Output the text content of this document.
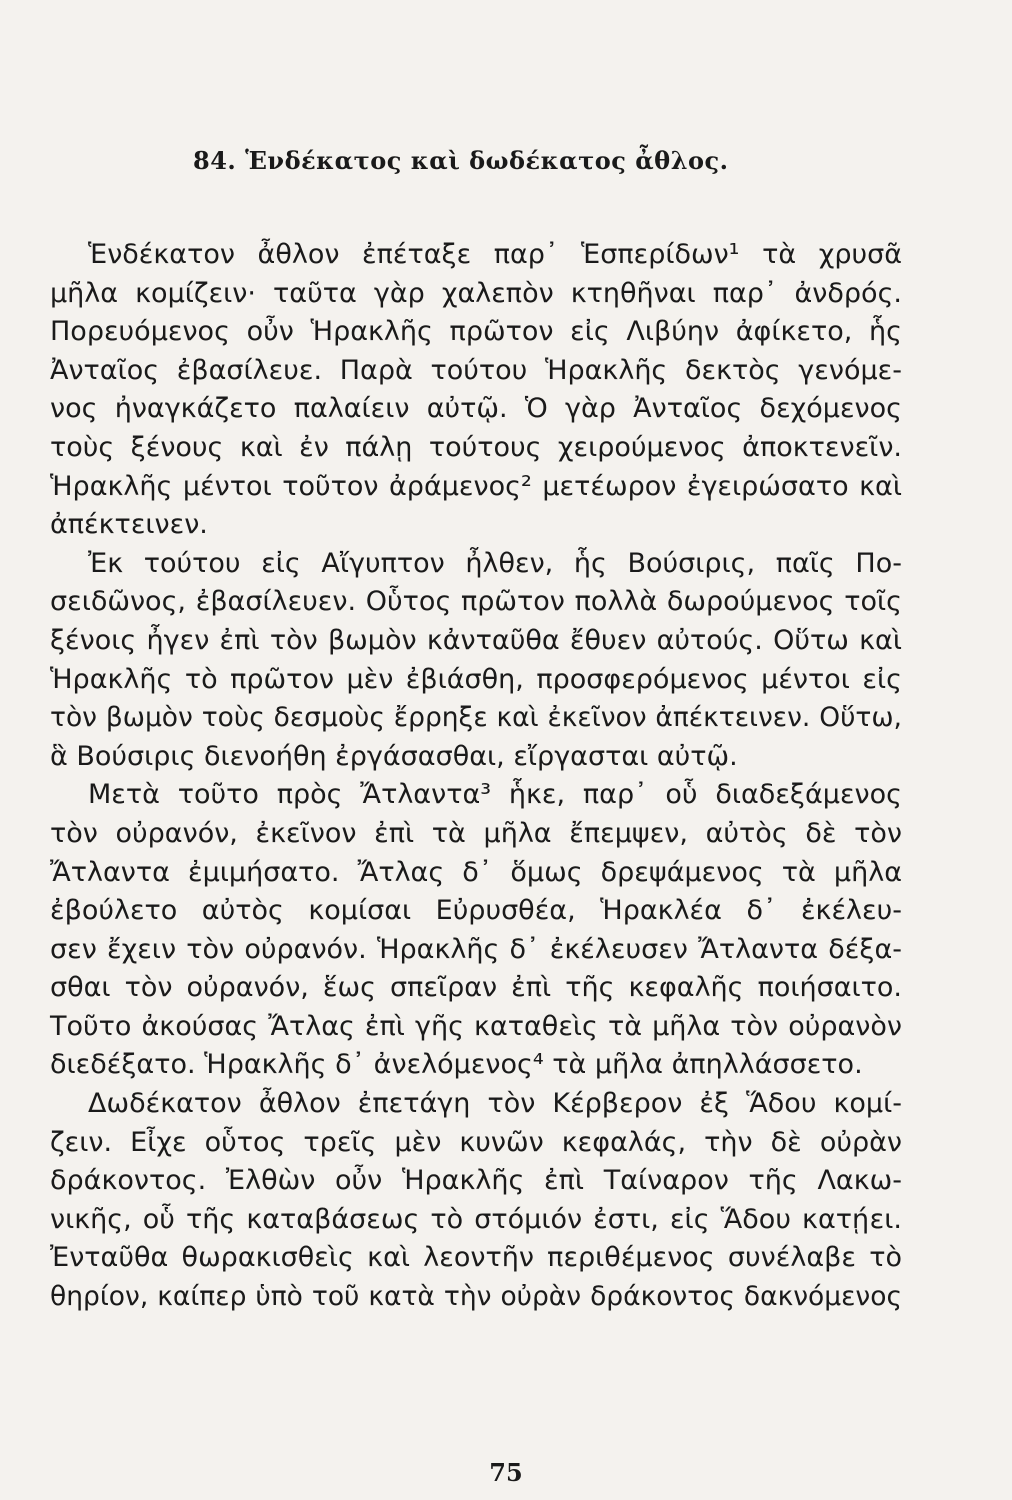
84. Ἑνδέκατος καὶ δωδέκατος ἆθλος.
Ἑνδέκατον ἆθλον ἐπέταξε παρ᾽ Ἑσπερίδων¹ τὰ χρυσᾶ
μῆλα κομίζειν· ταῦτα γὰρ χαλεπὸν κτηθῆναι παρ᾽ ἀνδρός.
Πορευόμενος οὖν Ἡρακλῆς πρῶτον εἰς Λιβύην ἀφίκετο, ἧς
Ἀνταῖος ἐβασίλευε. Παρὰ τούτου Ἡρακλῆς δεκτὸς γενόμε-
νος ἠναγκάζετο παλαίειν αὐτῷ. Ὁ γὰρ Ἀνταῖος δεχόμενος
τοὺς ξένους καὶ ἐν πάλῃ τούτους χειρούμενος ἀποκτενεῖν.
Ἡρακλῆς μέντοι τοῦτον ἀράμενος² μετέωρον ἐγειρώσατο καὶ
ἀπέκτεινεν.
Ἐκ τούτου εἰς Αἴγυπτον ἦλθεν, ἧς Βούσιρις, παῖς Πο-
σειδῶνος, ἐβασίλευεν. Οὗτος πρῶτον πολλὰ δωρούμενος τοῖς
ξένοις ἦγεν ἐπὶ τὸν βωμὸν κἀνταῦθα ἔθυεν αὐτούς. Οὕτω καὶ
Ἡρακλῆς τὸ πρῶτον μὲν ἐβιάσθη, προσφερόμενος μέντοι εἰς
τὸν βωμὸν τοὺς δεσμοὺς ἔρρηξε καὶ ἐκεῖνον ἀπέκτεινεν. Οὕτω,
ἃ Βούσιρις διενοήθη ἐργάσασθαι, εἴργασται αὐτῷ.
Μετὰ τοῦτο πρὸς Ἄτλαντα³ ἧκε, παρ᾽ οὗ διαδεξάμενος
τὸν οὐρανόν, ἐκεῖνον ἐπὶ τὰ μῆλα ἔπεμψεν, αὐτὸς δὲ τὸν
Ἄτλαντα ἐμιμήσατο. Ἄτλας δ᾽ ὅμως δρεψάμενος τὰ μῆλα
ἐβούλετο αὐτὸς κομίσαι Εὐρυσθέα, Ἡρακλέα δ᾽ ἐκέλευ-
σεν ἔχειν τὸν οὐρανόν. Ἡρακλῆς δ᾽ ἐκέλευσεν Ἄτλαντα δέξα-
σθαι τὸν οὐρανόν, ἕως σπεῖραν ἐπὶ τῆς κεφαλῆς ποιήσαιτο.
Τοῦτο ἀκούσας Ἄτλας ἐπὶ γῆς καταθεὶς τὰ μῆλα τὸν οὐρανὸν
διεδέξατο. Ἡρακλῆς δ᾽ ἀνελόμενος⁴ τὰ μῆλα ἀπηλλάσσετο.
Δωδέκατον ἆθλον ἐπετάγη τὸν Κέρβερον ἐξ Ἅδου κομί-
ζειν. Εἶχε οὗτος τρεῖς μὲν κυνῶν κεφαλάς, τὴν δὲ οὐρὰν
δράκοντος. Ἐλθὼν οὖν Ἡρακλῆς ἐπὶ Ταίναρον τῆς Λακω-
νικῆς, οὗ τῆς καταβάσεως τὸ στόμιόν ἐστι, εἰς Ἅδου κατῄει.
Ἐνταῦθα θωρακισθεὶς καὶ λεοντῆν περιθέμενος συνέλαβε τὸ
θηρίον, καίπερ ὑπὸ τοῦ κατὰ τὴν οὐρὰν δράκοντος δακνόμενος
75
